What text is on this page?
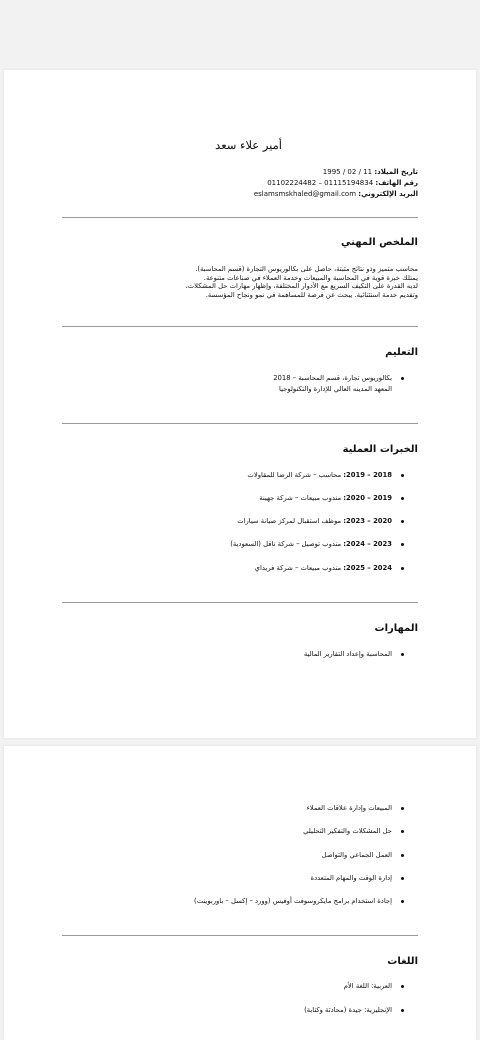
أمير علاء سعد
تاريخ الميلاد: 11 / 02 / 1995
رقم الهاتف: 01115194834 – 01102224482
البريد الإلكتروني: eslamsmskhaled@gmail.com
الملخص المهني
محاسب متميز وذو نتائج مثبتة، حاصل على بكالوريوس التجارة (قسم المحاسبة).
يمتلك خبرة قوية في المحاسبة والمبيعات وخدمة العملاء في صناعات متنوعة.
لديه القدرة على التكيف السريع مع الأدوار المختلفة، وإظهار مهارات حل المشكلات،
وتقديم خدمة استثنائية. يبحث عن فرصة للمساهمة في نمو ونجاح المؤسسة.
التعليم
بكالوريوس تجارة، قسم المحاسبة – 2018
المعهد المدينه العالي للإدارة والتكنولوجيا
الخبرات العملية
2018 – 2019: محاسب – شركة الرضا للمقاولات
2019 – 2020: مندوب مبيعات – شركة جهينة
2020 – 2023: موظف استقبال لمركز صيانة سيارات
2023 – 2024: مندوب توصيل – شركة ناقل (السعودية)
2024 – 2025: مندوب مبيعات – شركة فريداي
المهارات
المحاسبة وإعداد التقارير المالية
المبيعات وإدارة علاقات العملاء
حل المشكلات والتفكير التحليلي
العمل الجماعي والتواصل
إدارة الوقت والمهام المتعددة
إجادة استخدام برامج مايكروسوفت أوفيس (وورد – إكسل – باوربوينت)
اللغات
العربية: اللغة الأم
الإنجليزية: جيدة (محادثة وكتابة)
